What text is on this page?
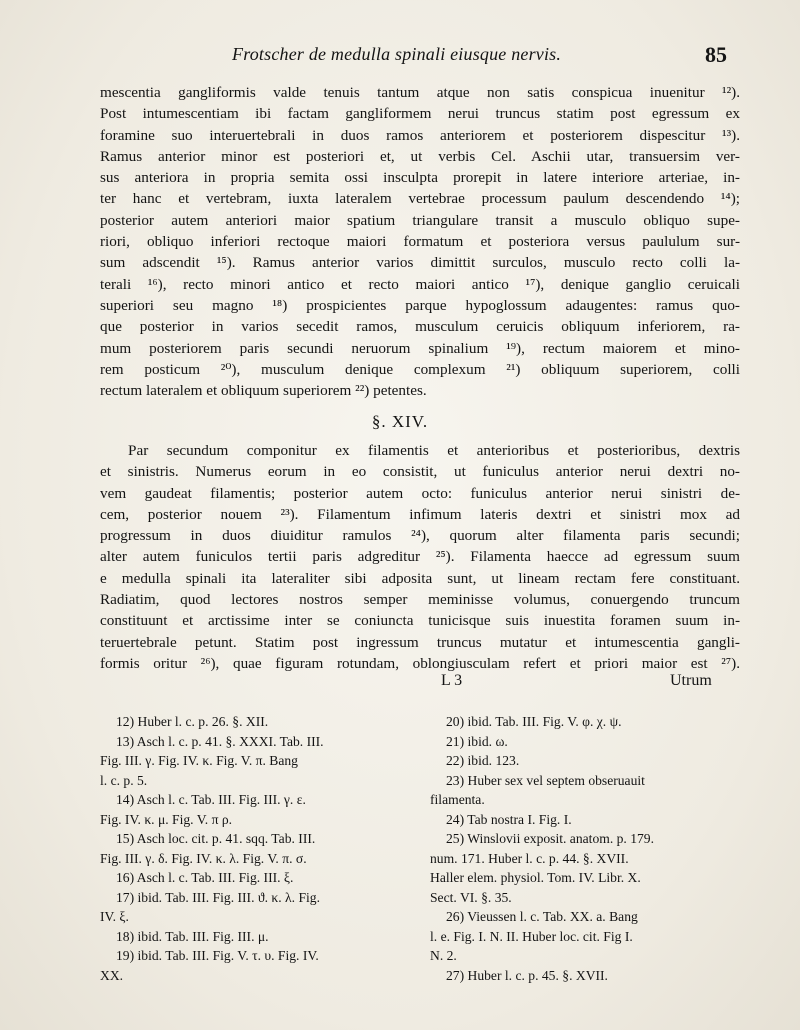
Frotscher de medulla spinali eiusque nervis.	85
mescentia gangliformis valde tenuis tantum atque non satis conspicua inuenitur ¹²).
Post intumescentiam ibi factam gangliformem nerui truncus statim post egressum ex
foramine suo interuertebrali in duos ramos anteriorem et posteriorem dispescitur ¹³).
Ramus anterior minor est posteriori et, ut verbis Cel. Aschii utar, transuersim ver-
sus anteriora in propria semita ossi insculpta prorepit in latere interiore arteriae, in-
ter hanc et vertebram, iuxta lateralem vertebrae processum paulum descendendo ¹⁴);
posterior autem anteriori maior spatium triangulare transit a musculo obliquo supe-
riori, obliquo inferiori rectoque maiori formatum et posteriora versus paululum sur-
sum adscendit ¹⁵). Ramus anterior varios dimittit surculos, musculo recto colli la-
terali ¹⁶), recto minori antico et recto maiori antico ¹⁷), denique ganglio ceruicali
superiori seu magno ¹⁸) prospicientes parque hypoglossum adaugentes: ramus quo-
que posterior in varios secedit ramos, musculum ceruicis obliquum inferiorem, ra-
mum posteriorem paris secundi neruorum spinalium ¹⁹), rectum maiorem et mino-
rem posticum ²⁰), musculum denique complexum ²¹) obliquum superiorem, colli
rectum lateralem et obliquum superiorem ²²) petentes.
§. XIV.
Par secundum componitur ex filamentis et anterioribus et posterioribus, dextris
et sinistris. Numerus eorum in eo consistit, ut funiculus anterior nerui dextri no-
vem gaudeat filamentis; posterior autem octo: funiculus anterior nerui sinistri de-
cem, posterior nouem ²³). Filamentum infimum lateris dextri et sinistri mox ad
progressum in duos diuiditur ramulos ²⁴), quorum alter filamenta paris secundi;
alter autem funiculos tertii paris adgreditur ²⁵). Filamenta haecce ad egressum suum
e medulla spinali ita lateraliter sibi adposita sunt, ut lineam rectam fere constituant.
Radiatim, quod lectores nostros semper meminisse volumus, conuergendo truncum
constituunt et arctissime inter se coniuncta tunicisque suis inuestita foramen suum in-
teruertebrale petunt. Statim post ingressum truncus mutatur et intumescentia gangli-
formis oritur ²⁶), quae figuram rotundam, oblongiusculam refert et priori maior est ²⁷).
L 3	Utrum
12) Huber l. c. p. 26. §. XII.
13) Asch l. c. p. 41. §. XXXI. Tab. III.
Fig. III. γ. Fig. IV. κ. Fig. V. π. Bang
l. c. p. 5.
14) Asch l. c. Tab. III. Fig. III. γ. ε.
Fig. IV. κ. μ. Fig. V. π ρ.
15) Asch loc. cit. p. 41. sqq. Tab. III.
Fig. III. γ. δ. Fig. IV. κ. λ. Fig. V. π. σ.
16) Asch l. c. Tab. III. Fig. III. ξ.
17) ibid. Tab. III. Fig. III. ϑ. κ. λ. Fig.
IV. ξ.
18) ibid. Tab. III. Fig. III. μ.
19) ibid. Tab. III. Fig. V. τ. υ. Fig. IV.
XX.
20) ibid. Tab. III. Fig. V. φ. χ. ψ.
21) ibid. ω.
22) ibid. 123.
23) Huber sex vel septem obseruauit
filamenta.
24) Tab nostra I. Fig. I.
25) Winslovii exposit. anatom. p. 179.
num. 171. Huber l. c. p. 44. §. XVII.
Haller elem. physiol. Tom. IV. Libr. X.
Sect. VI. §. 35.
26) Vieussen l. c. Tab. XX. a. Bang
l. e. Fig. I. N. II. Huber loc. cit. Fig I.
N. 2.
27) Huber l. c. p. 45. §. XVII.
